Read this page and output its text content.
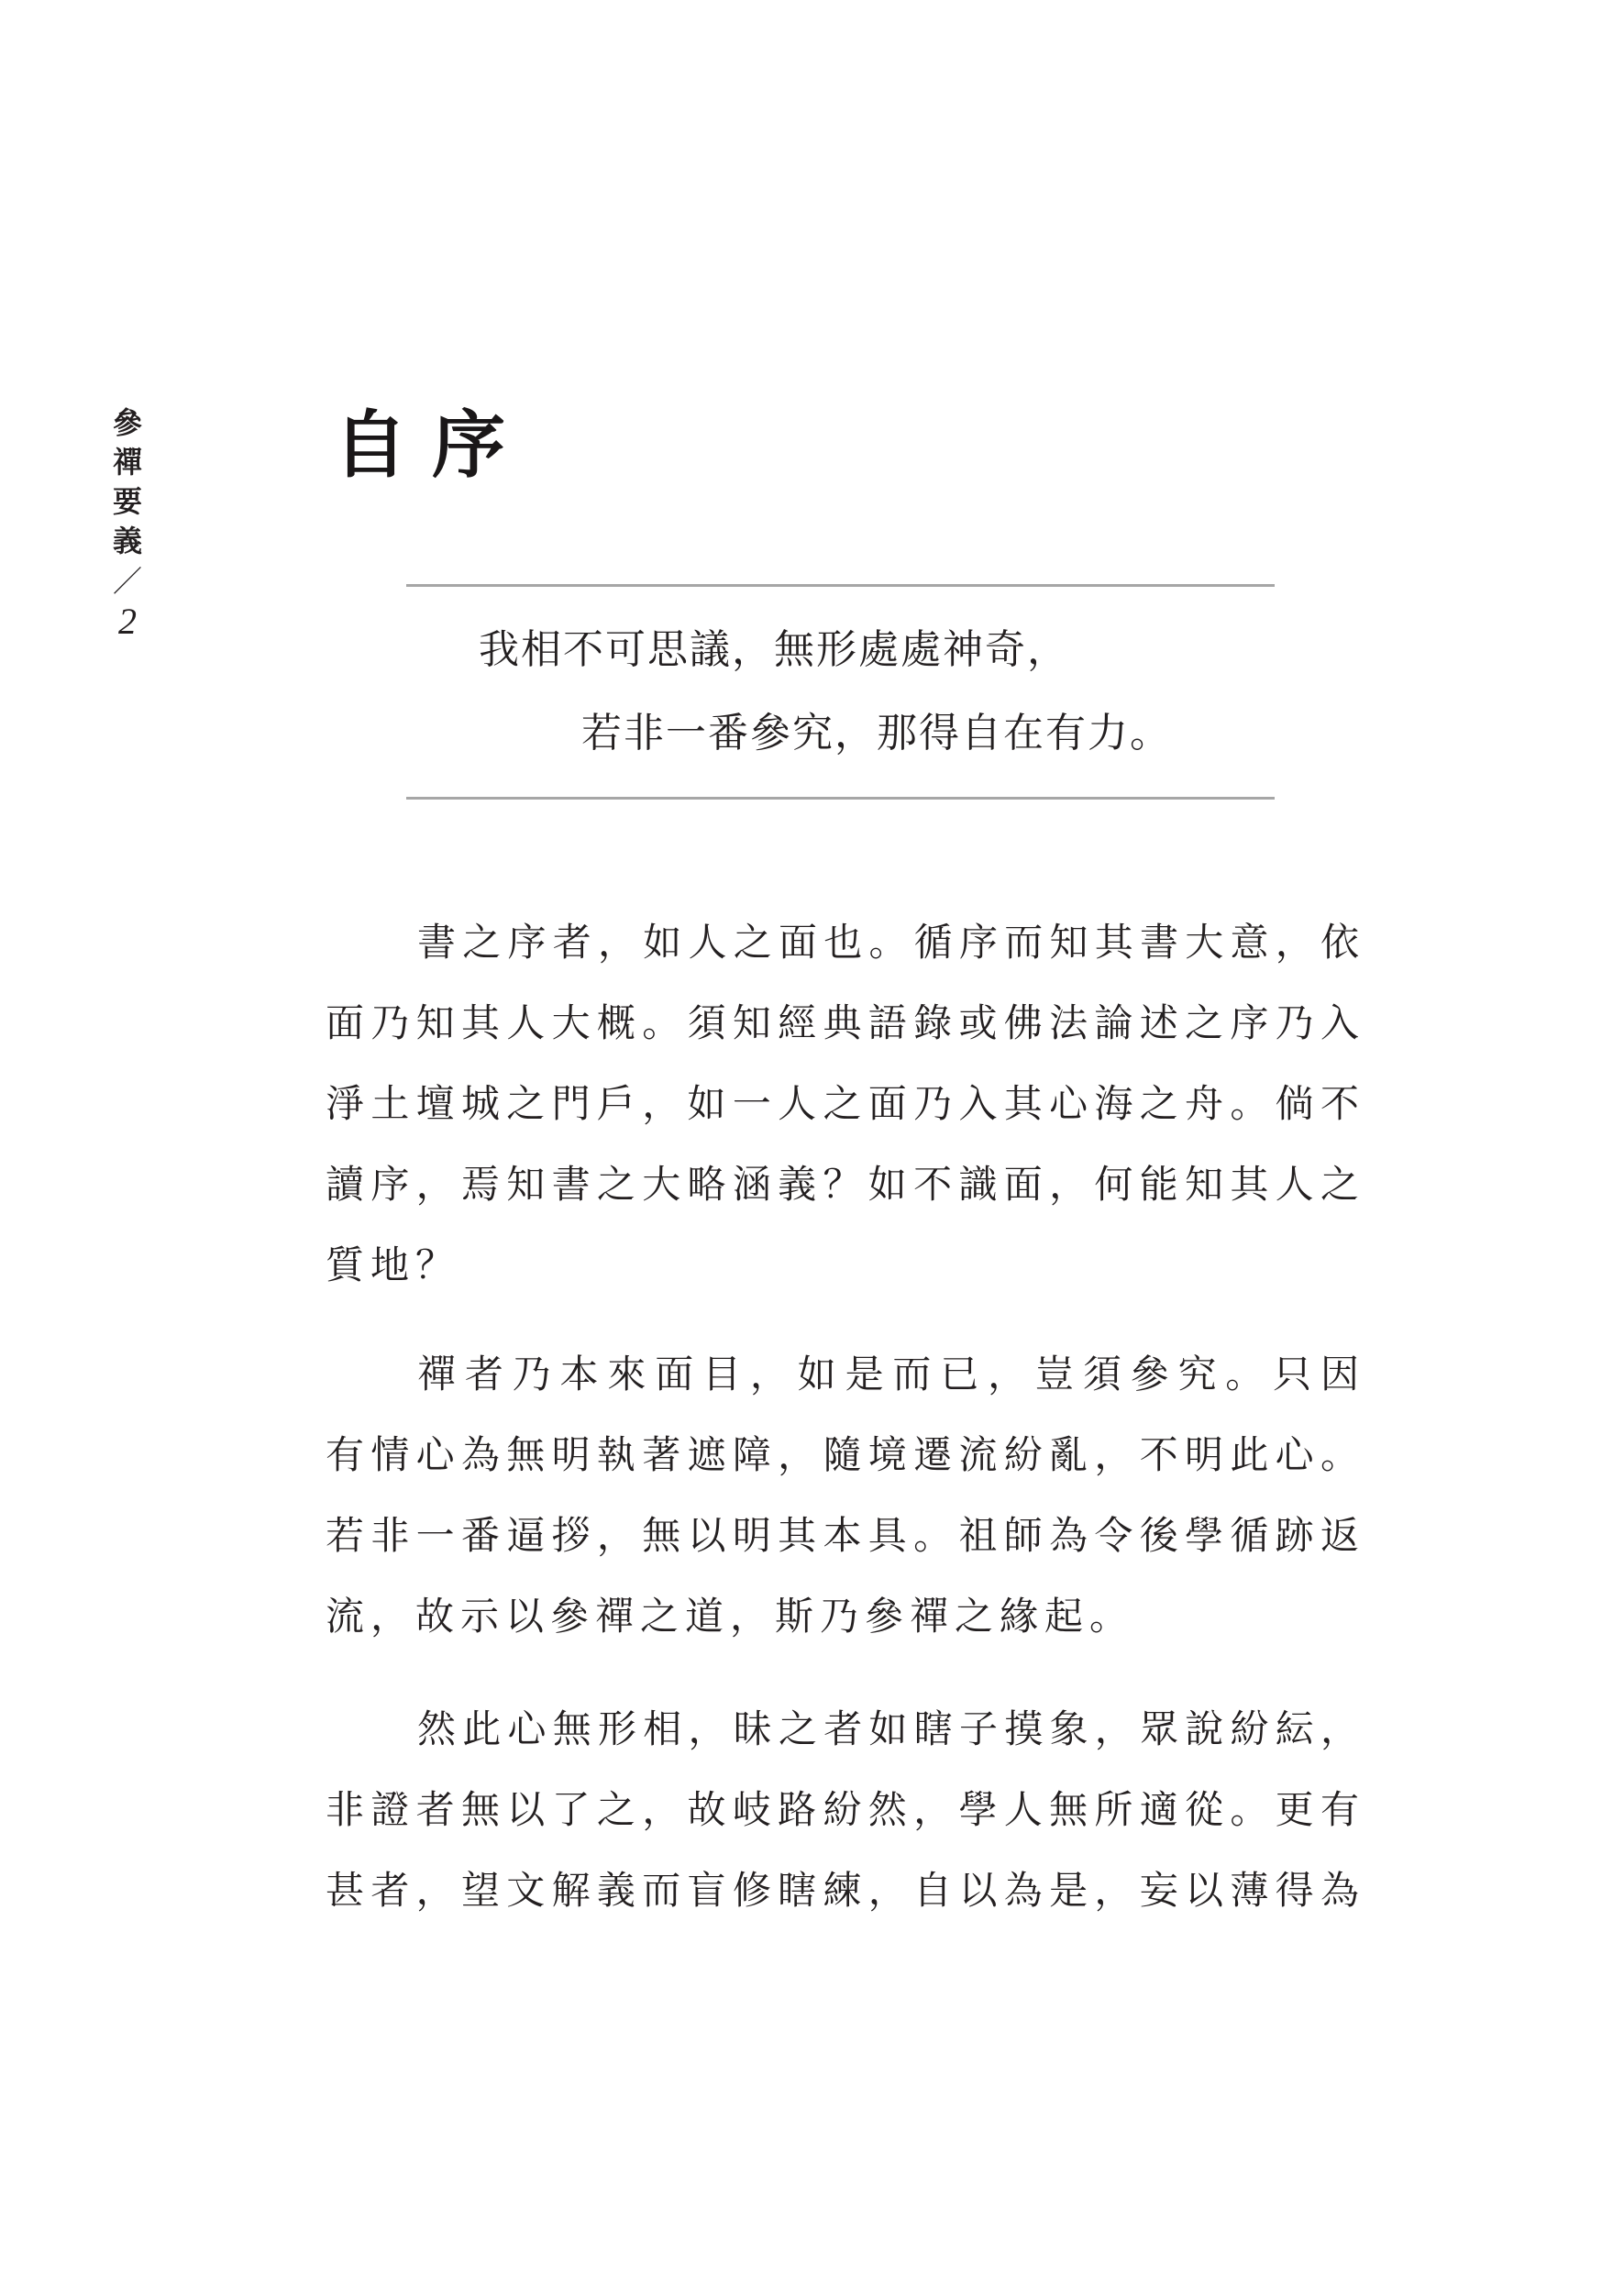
參
禪
要
義
／
2
自 序
我相不可思議，無形處處神奇，
若非一番參究，那得自在有力。
書之序者，如人之面也。循序而知其書大意，依
面乃知其人大概。須知經典語錄或佛法論述之序乃入
淨土壇城之門戶，如一人之面乃入其心海之舟。倘不
讀序，焉知書之大略涵義？如不識面，何能知其人之
質地？
禪者乃本來面目，如是而已，豈須參究。只因
有情心為無明執著遮障，隨境遷流紛亂，不明此心。
若非一番逼拶，無以明其本具。祖師為令後學循跡返
流，故示以參禪之道，斯乃參禪之緣起。
然此心無形相，昧之者如瞎子摸象，眾說紛紜，
非證者無以了之，故岐路紛然，學人無所適從。更有
甚者，望文解義而盲修瞎練，自以為是，妄以薄得為
